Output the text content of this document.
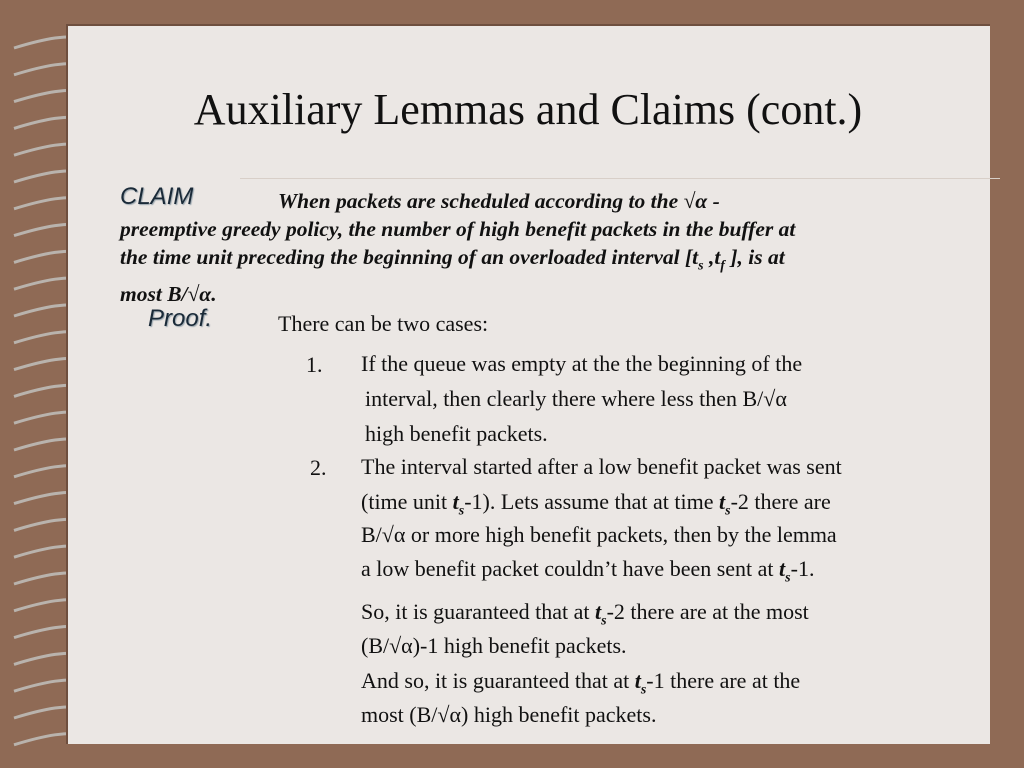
Auxiliary Lemmas and Claims (cont.)
CLAIM	When packets are scheduled according to the √α -
preemptive greedy policy, the number of high benefit packets in the buffer at
the time unit preceding the beginning of an overloaded interval [$t_s$ $,t_f$ ], is at
most B/√α.
Proof.	There can be two cases:
1. If the queue was empty at the the beginning of the
interval, then clearly there where less then B/√α
high benefit packets.
2. The interval started after a low benefit packet was sent
(time unit $t_s-1$). Lets assume that at time $t_s-2$ there are
B/√α or more high benefit packets, then by the lemma
a low benefit packet couldn’t have been sent at $t_s-1$.
So, it is guaranteed that at $t_s-2$ there are at the most
(B/√α)-1 high benefit packets.
And so, it is guaranteed that at $t_s-1$ there are at the
most (B/√α) high benefit packets.
